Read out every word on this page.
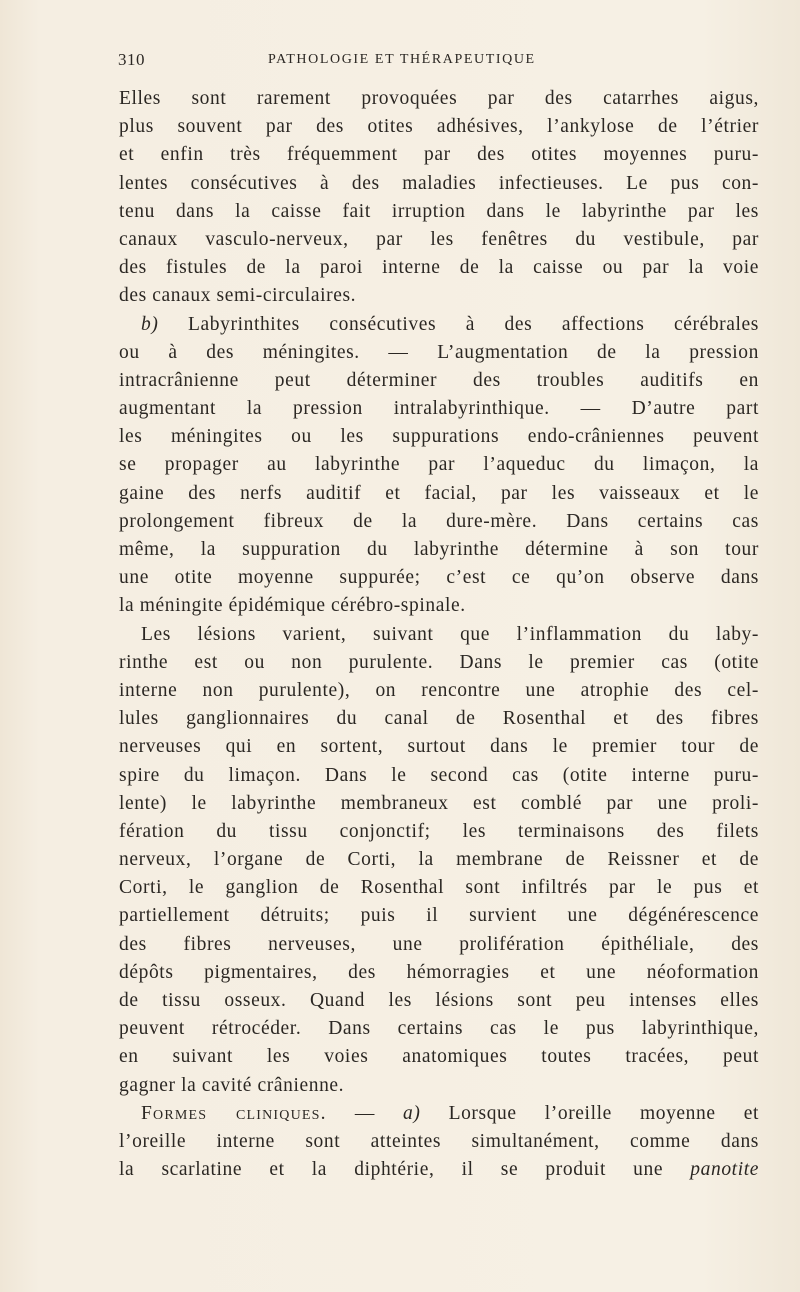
310	PATHOLOGIE ET THÉRAPEUTIQUE
Elles sont rarement provoquées par des catarrhes aigus,
plus souvent par des otites adhésives, l’ankylose de l’étrier
et enfin très fréquemment par des otites moyennes puru-
lentes consécutives à des maladies infectieuses. Le pus con-
tenu dans la caisse fait irruption dans le labyrinthe par les
canaux vasculo-nerveux, par les fenêtres du vestibule, par
des fistules de la paroi interne de la caisse ou par la voie
des canaux semi-circulaires.
b) Labyrinthites consécutives à des affections cérébrales
ou à des méningites. — L’augmentation de la pression
intracrânienne peut déterminer des troubles auditifs en
augmentant la pression intralabyrinthique. — D’autre part
les méningites ou les suppurations endo-crâniennes peuvent
se propager au labyrinthe par l’aqueduc du limaçon, la
gaine des nerfs auditif et facial, par les vaisseaux et le
prolongement fibreux de la dure-mère. Dans certains cas
même, la suppuration du labyrinthe détermine à son tour
une otite moyenne suppurée; c’est ce qu’on observe dans
la méningite épidémique cérébro-spinale.
Les lésions varient, suivant que l’inflammation du laby-
rinthe est ou non purulente. Dans le premier cas (otite
interne non purulente), on rencontre une atrophie des cel-
lules ganglionnaires du canal de Rosenthal et des fibres
nerveuses qui en sortent, surtout dans le premier tour de
spire du limaçon. Dans le second cas (otite interne puru-
lente) le labyrinthe membraneux est comblé par une proli-
fération du tissu conjonctif; les terminaisons des filets
nerveux, l’organe de Corti, la membrane de Reissner et de
Corti, le ganglion de Rosenthal sont infiltrés par le pus et
partiellement détruits; puis il survient une dégénérescence
des fibres nerveuses, une prolifération épithéliale, des
dépôts pigmentaires, des hémorragies et une néoformation
de tissu osseux. Quand les lésions sont peu intenses elles
peuvent rétrocéder. Dans certains cas le pus labyrinthique,
en suivant les voies anatomiques toutes tracées, peut
gagner la cavité crânienne.
Formes cliniques. — a) Lorsque l’oreille moyenne et
l’oreille interne sont atteintes simultanément, comme dans
la scarlatine et la diphtérie, il se produit une panotite
